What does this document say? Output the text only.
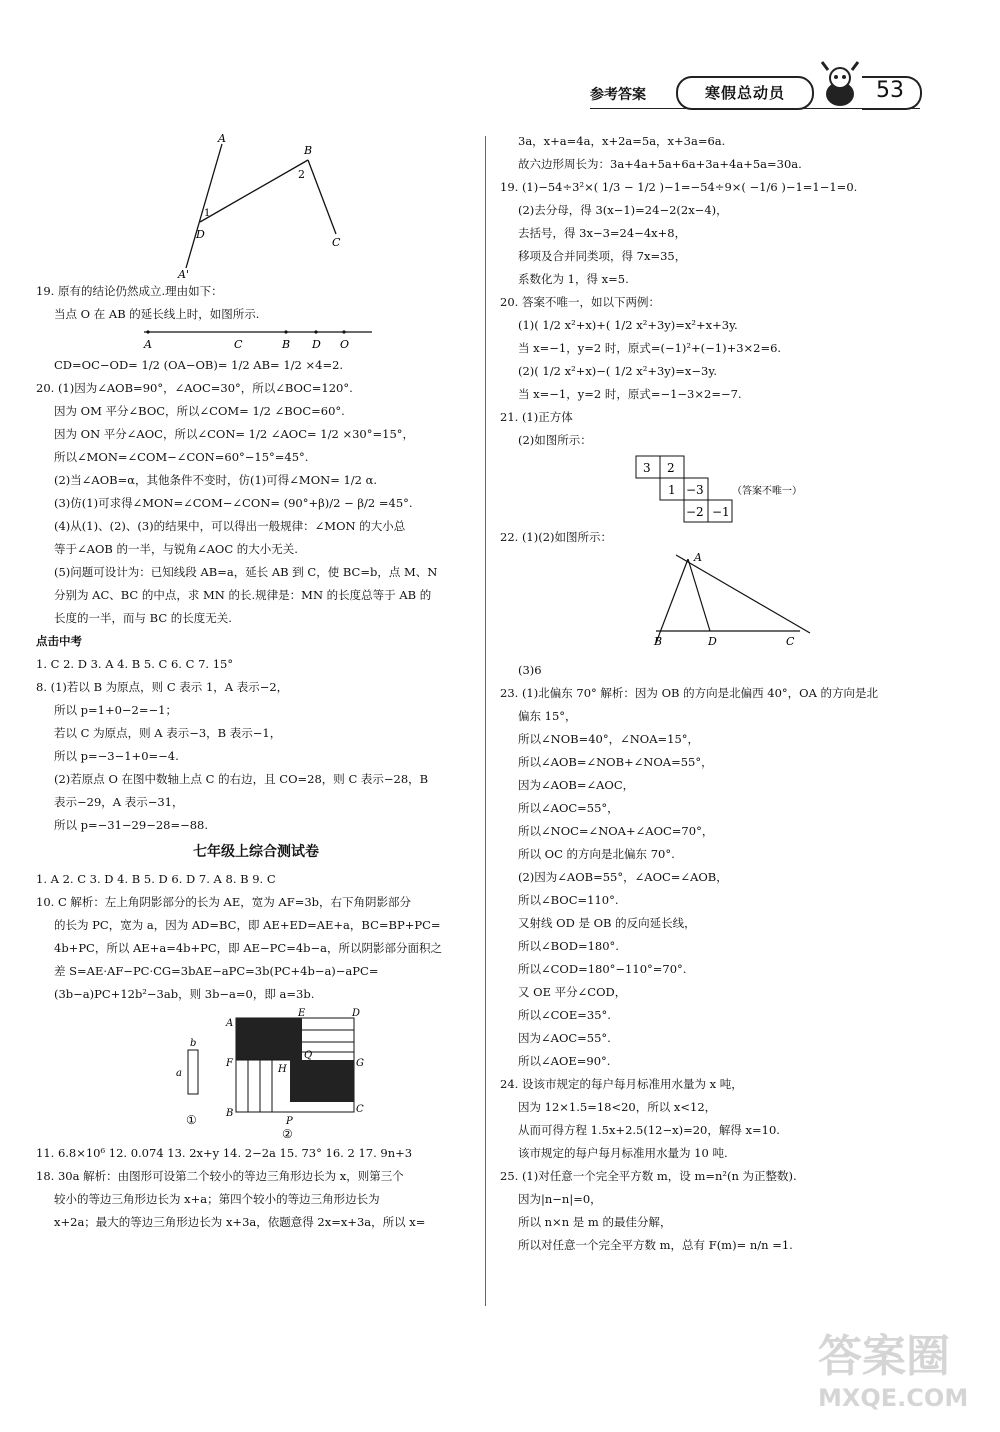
参考答案	寒假总动员	53
A
B
2
1
D
C
A'
19. 原有的结论仍然成立.理由如下：
当点 O 在 AB 的延长线上时，如图所示.
A	C	B D O
CD=OC−OD= 1/2 (OA−OB)= 1/2 AB= 1/2 ×4=2.
20. (1)因为∠AOB=90°，∠AOC=30°，所以∠BOC=120°.
因为 OM 平分∠BOC，所以∠COM= 1/2 ∠BOC=60°.
因为 ON 平分∠AOC，所以∠CON= 1/2 ∠AOC= 1/2 ×30°=15°，
所以∠MON=∠COM−∠CON=60°−15°=45°.
(2)当∠AOB=α，其他条件不变时，仿(1)可得∠MON= 1/2 α.
(3)仿(1)可求得∠MON=∠COM−∠CON= (90°+β)/2 − β/2 =45°.
(4)从(1)、(2)、(3)的结果中，可以得出一般规律：∠MON 的大小总
等于∠AOB 的一半，与锐角∠AOC 的大小无关.
(5)问题可设计为：已知线段 AB=a，延长 AB 到 C，使 BC=b，点 M、N
分别为 AC、BC 的中点，求 MN 的长.规律是：MN 的长度总等于 AB 的
长度的一半，而与 BC 的长度无关.
点击中考
1. C 2. D 3. A 4. B 5. C 6. C 7. 15°
8. (1)若以 B 为原点，则 C 表示 1，A 表示−2，
所以 p=1+0−2=−1；
若以 C 为原点，则 A 表示−3，B 表示−1，
所以 p=−3−1+0=−4.
(2)若原点 O 在图中数轴上点 C 的右边，且 CO=28，则 C 表示−28，B
表示−29，A 表示−31，
所以 p=−31−29−28=−88.
七年级上综合测试卷
1. A 2. C 3. D 4. B 5. D 6. D 7. A 8. B 9. C
10. C 解析：左上角阴影部分的长为 AE，宽为 AF=3b，右下角阴影部分
的长为 PC，宽为 a，因为 AD=BC，即 AE+ED=AE+a，BC=BP+PC=
4b+PC，所以 AE+a=4b+PC，即 AE−PC=4b−a，所以阴影部分面积之
差 S=AE·AF−PC·CG=3bAE−aPC=3b(PC+4b−a)−aPC=
(3b−a)PC+12b²−3ab，则 3b−a=0，即 a=3b.
a
b
①
A
E	D
F
H
Q
G
B
P
C
②
11. 6.8×10⁶ 12. 0.074 13. 2x+y 14. 2−2a 15. 73° 16. 2 17. 9n+3
18. 30a 解析：由图形可设第二个较小的等边三角形边长为 x，则第三个
较小的等边三角形边长为 x+a；第四个较小的等边三角形边长为
x+2a；最大的等边三角形边长为 x+3a，依题意得 2x=x+3a，所以 x=
3a，x+a=4a，x+2a=5a，x+3a=6a.
故六边形周长为：3a+4a+5a+6a+3a+4a+5a=30a.
19. (1)−54÷3²×( 1/3 − 1/2 )−1=−54÷9×( −1/6 )−1=1−1=0.
(2)去分母，得 3(x−1)=24−2(2x−4)，
去括号，得 3x−3=24−4x+8，
移项及合并同类项，得 7x=35，
系数化为 1，得 x=5.
20. 答案不唯一，如以下两例：
(1)( 1/2 x²+x)+( 1/2 x²+3y)=x²+x+3y.
当 x=−1，y=2 时，原式=(−1)²+(−1)+3×2=6.
(2)( 1/2 x²+x)−( 1/2 x²+3y)=x−3y.
当 x=−1，y=2 时，原式=−1−3×2=−7.
21. (1)正方体
(2)如图所示：
3 2
1 −3
−2 −1
（答案不唯一）
22. (1)(2)如图所示：
A
B	D	C
(3)6
23. (1)北偏东 70° 解析：因为 OB 的方向是北偏西 40°，OA 的方向是北
偏东 15°，
所以∠NOB=40°，∠NOA=15°，
所以∠AOB=∠NOB+∠NOA=55°，
因为∠AOB=∠AOC，
所以∠AOC=55°，
所以∠NOC=∠NOA+∠AOC=70°，
所以 OC 的方向是北偏东 70°.
(2)因为∠AOB=55°，∠AOC=∠AOB，
所以∠BOC=110°.
又射线 OD 是 OB 的反向延长线，
所以∠BOD=180°.
所以∠COD=180°−110°=70°.
又 OE 平分∠COD，
所以∠COE=35°.
因为∠AOC=55°.
所以∠AOE=90°.
24. 设该市规定的每户每月标准用水量为 x 吨，
因为 12×1.5=18<20，所以 x<12，
从而可得方程 1.5x+2.5(12−x)=20，解得 x=10.
该市规定的每户每月标准用水量为 10 吨.
25. (1)对任意一个完全平方数 m，设 m=n²(n 为正整数).
因为|n−n|=0，
所以 n×n 是 m 的最佳分解，
所以对任意一个完全平方数 m，总有 F(m)= n/n =1.
答案圈
MXQE.COM
